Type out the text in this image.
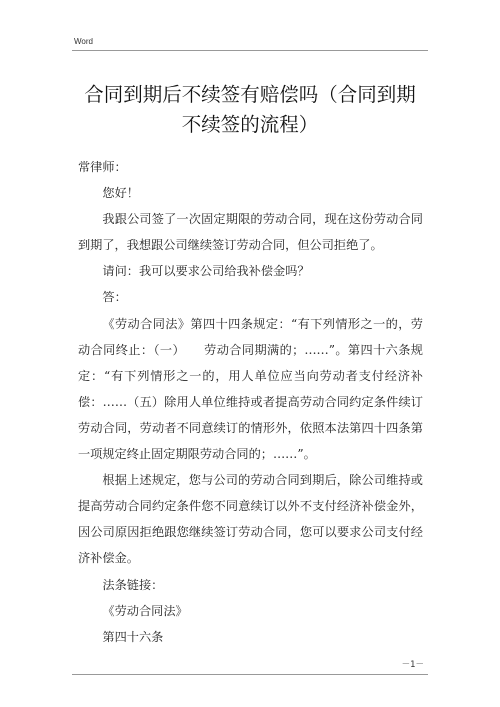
Word
合同到期后不续签有赔偿吗（合同到期不续签的流程）

常律师：

您好！

我跟公司签了一次固定期限的劳动合同，现在这份劳动合同到期了，我想跟公司继续签订劳动合同，但公司拒绝了。

请问：我可以要求公司给我补偿金吗？

答：

《劳动合同法》第四十四条规定：“有下列情形之一的，劳动合同终止：（一）　　劳动合同期满的；……”。第四十六条规定：“有下列情形之一的，用人单位应当向劳动者支付经济补偿：……（五）除用人单位维持或者提高劳动合同约定条件续订劳动合同，劳动者不同意续订的情形外，依照本法第四十四条第一项规定终止固定期限劳动合同的；……”。

根据上述规定，您与公司的劳动合同到期后，除公司维持或提高劳动合同约定条件您不同意续订以外不支付经济补偿金外，因公司原因拒绝跟您继续签订劳动合同，您可以要求公司支付经济补偿金。

法条链接：

《劳动合同法》

第四十六条

－1－
